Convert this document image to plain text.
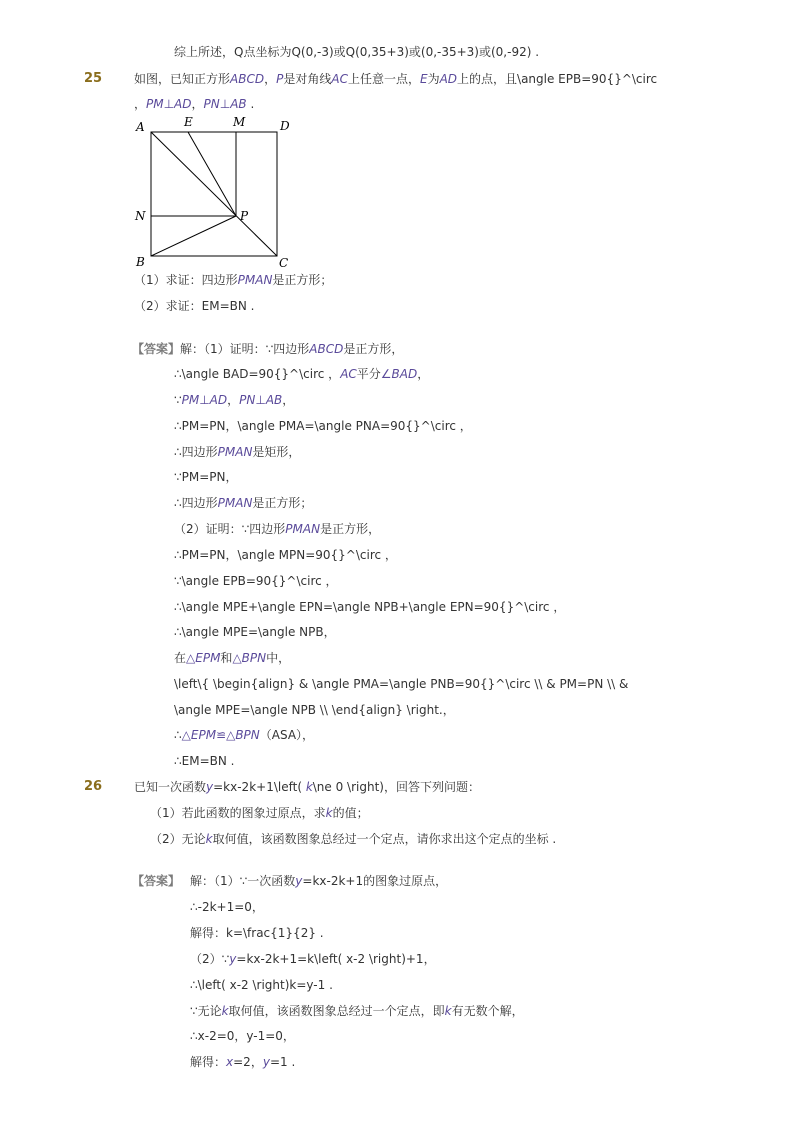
综上所述，Q点坐标为Q(0,-3)或Q(0,35+3)或(0,-35+3)或(0,-92) .
25	如图，已知正方形ABCD，P是对角线AC上任意一点，E为AD上的点，且\angle EPB=90{}^\circ
，PM⊥AD，PN⊥AB .
A	E	M	D
N	P
B	C
（1）求证：四边形PMAN是正方形；
（2）求证：EM=BN .
【答案】解：（1）证明：∵四边形ABCD是正方形，
∴\angle BAD=90{}^\circ ，AC平分∠BAD，
∵PM⊥AD，PN⊥AB，
∴PM=PN，\angle PMA=\angle PNA=90{}^\circ ，
∴四边形PMAN是矩形，
∵PM=PN，
∴四边形PMAN是正方形；
（2）证明：∵四边形PMAN是正方形，
∴PM=PN，\angle MPN=90{}^\circ ，
∵\angle EPB=90{}^\circ ，
∴\angle MPE+\angle EPN=\angle NPB+\angle EPN=90{}^\circ ，
∴\angle MPE=\angle NPB，
在△EPM和△BPN中，
\left\{ \begin{align} & \angle PMA=\angle PNB=90{}^\circ \\ & PM=PN \\ &
\angle MPE=\angle NPB \\ \end{align} \right.，
∴△EPM≌△BPN（ASA），
∴EM=BN .
26	已知一次函数y=kx-2k+1\left( k\ne 0 \right)，回答下列问题：
（1）若此函数的图象过原点，求k的值；
（2）无论k取何值，该函数图象总经过一个定点，请你求出这个定点的坐标 .
【答案】 解：（1）∵一次函数y=kx-2k+1的图象过原点，
∴-2k+1=0，
解得：k=\frac{1}{2} .
（2）∵y=kx-2k+1=k\left( x-2 \right)+1，
∴\left( x-2 \right)k=y-1 .
∵无论k取何值，该函数图象总经过一个定点，即k有无数个解，
∴x-2=0，y-1=0，
解得：x=2，y=1 .
